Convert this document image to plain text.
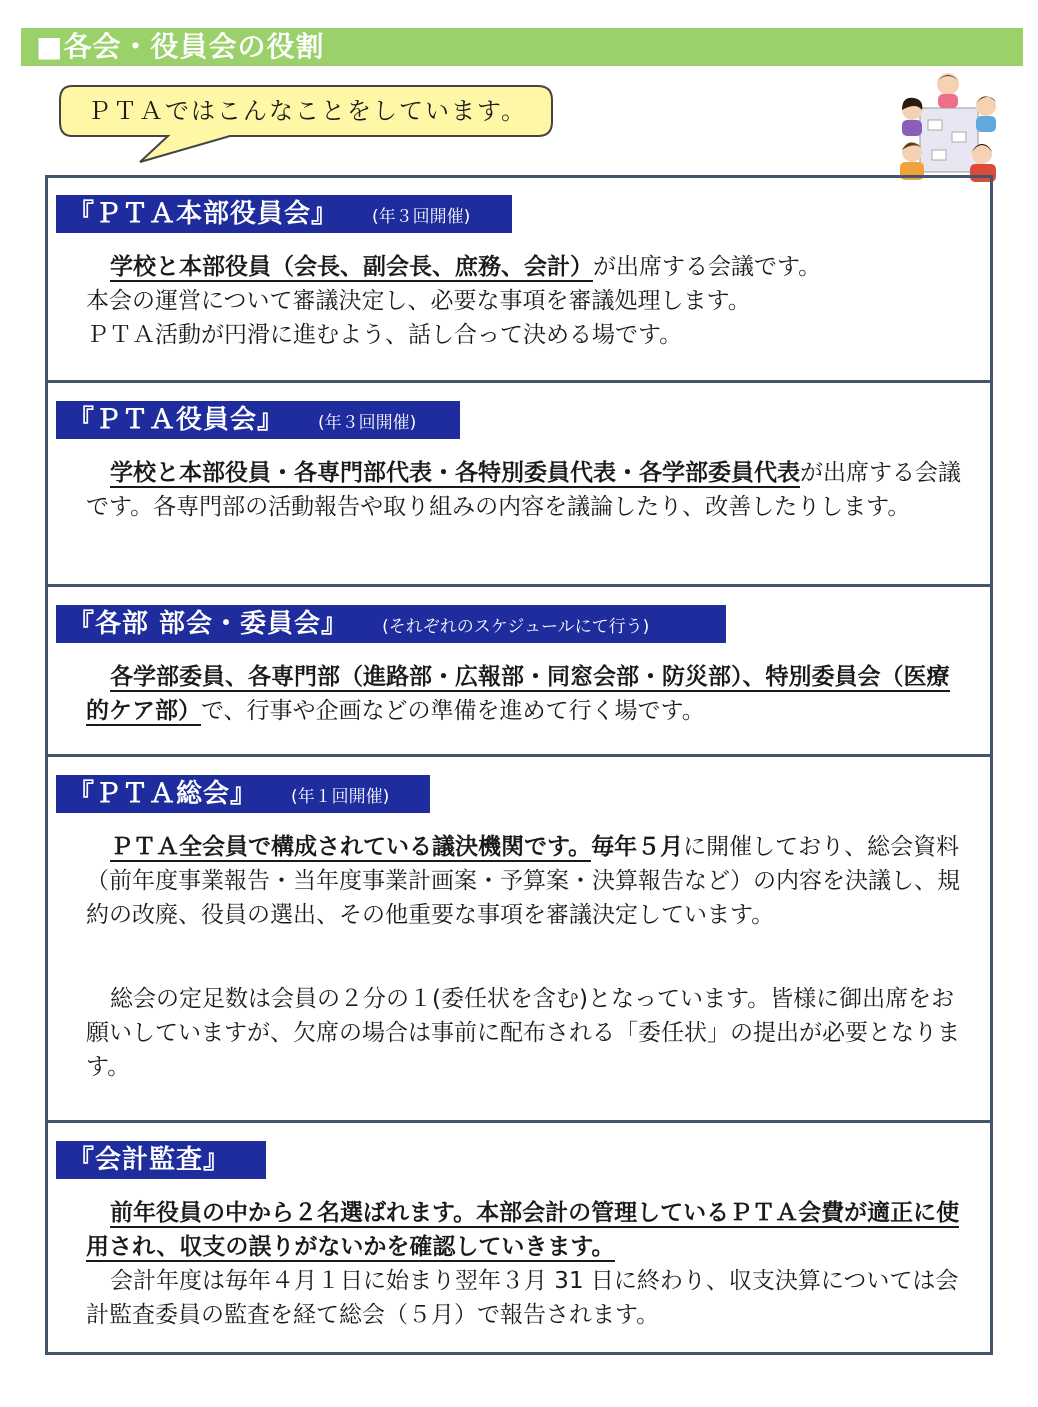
■各会・役員会の役割
ＰＴＡではこんなことをしています。
『ＰＴＡ本部役員会』 (年３回開催)
学校と本部役員（会長、副会長、庶務、会計）が出席する会議です。
本会の運営について審議決定し、必要な事項を審議処理します。
ＰＴＡ活動が円滑に進むよう、話し合って決める場です。
『ＰＴＡ役員会』 (年３回開催)
学校と本部役員・各専門部代表・各特別委員代表・各学部委員代表が出席する会議です。各専門部の活動報告や取り組みの内容を議論したり、改善したりします。
『各部 部会・委員会』 (それぞれのスケジュールにて行う)
各学部委員、各専門部（進路部・広報部・同窓会部・防災部）、特別委員会（医療的ケア部）で、行事や企画などの準備を進めて行く場です。
『ＰＴＡ総会』 (年１回開催)
ＰＴＡ全会員で構成されている議決機関です。毎年５月に開催しており、総会資料（前年度事業報告・当年度事業計画案・予算案・決算報告など）の内容を決議し、規約の改廃、役員の選出、その他重要な事項を審議決定しています。
総会の定足数は会員の２分の１(委任状を含む)となっています。皆様に御出席をお願いしていますが、欠席の場合は事前に配布される「委任状」の提出が必要となります。
『会計監査』
前年役員の中から２名選ばれます。本部会計の管理しているＰＴＡ会費が適正に使用され、収支の誤りがないかを確認していきます。
会計年度は毎年４月１日に始まり翌年３月 31 日に終わり、収支決算については会計監査委員の監査を経て総会（５月）で報告されます。
